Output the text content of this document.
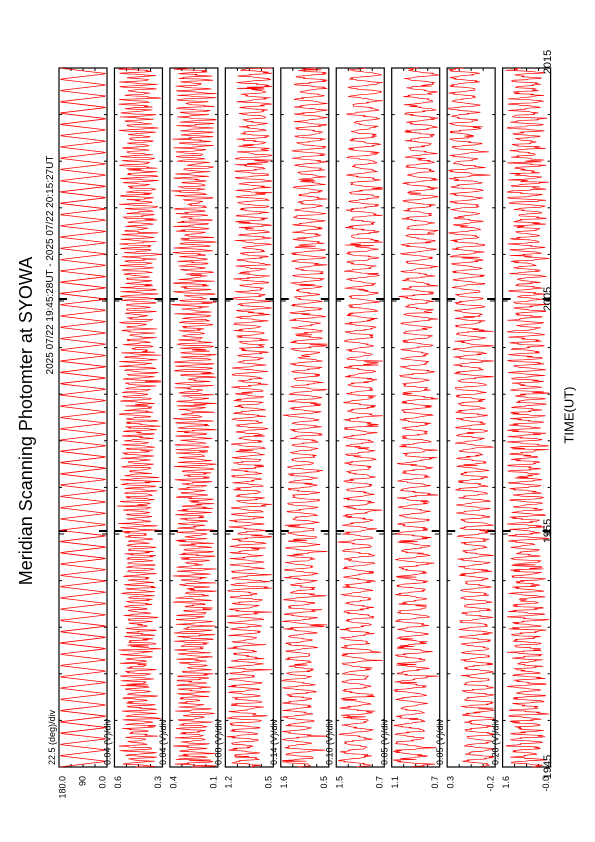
Meridian Scanning Photomter at SYOWA 2025 07/22 19:45:28UT - 2025 07/22 20:15:27UT
22.5 (deg)/div
180.0 90 0.0
0.04 (V)/div
0.6	0.3
0.04 (V)/div
0.4	0.1
0.08 (V)/div
1.2	0.5
0.14 (V)/div
1.6	0.5
0.10 (V)/div
1.5	0.7
0.05 (V)/div
1.1	0.7
0.05 (V)/div
0.3	-0.2
0.20 (V)/div
1.6	-0.0
1945
1955
2005
2015
TIME(UT)
